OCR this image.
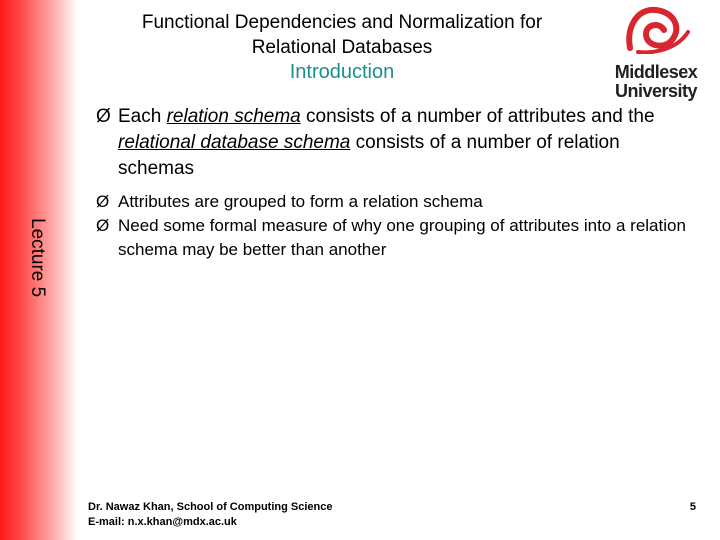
Lecture 5
Functional Dependencies and Normalization for
Relational Databases
Introduction	Middlesex
University
Ø Each relation schema consists of a number of attributes and the relational database schema consists of a number of relation schemas
Ø Attributes are grouped to form a relation schema
Ø Need some formal measure of why one grouping of attributes into a relation schema may be better than another
Dr. Nawaz Khan, School of Computing Science
E-mail: n.x.khan@mdx.ac.uk
5
